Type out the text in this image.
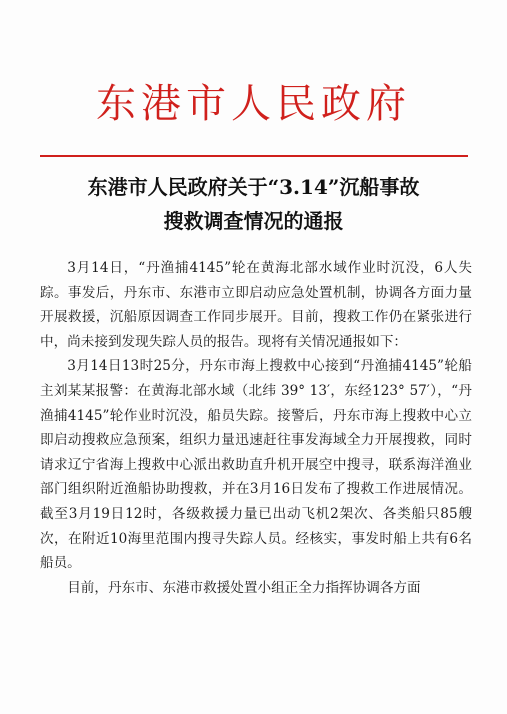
东港市人民政府
东港市人民政府关于“3.14”沉船事故
搜救调查情况的通报

3月14日，“丹渔捕4145”轮在黄海北部水域作业时沉没，6人失踪。事发后，丹东市、东港市立即启动应急处置机制，协调各方面力量开展救援，沉船原因调查工作同步展开。目前，搜救工作仍在紧张进行中，尚未接到发现失踪人员的报告。现将有关情况通报如下：

3月14日13时25分，丹东市海上搜救中心接到“丹渔捕4145”轮船主刘某某报警：在黄海北部水域（北纬 39° 13′，东经123° 57′），“丹渔捕4145”轮作业时沉没，船员失踪。接警后，丹东市海上搜救中心立即启动搜救应急预案，组织力量迅速赶往事发海域全力开展搜救，同时请求辽宁省海上搜救中心派出救助直升机开展空中搜寻，联系海洋渔业部门组织附近渔船协助搜救，并在3月16日发布了搜救工作进展情况。截至3月19日12时，各级救援力量已出动飞机2架次、各类船只85艘次，在附近10海里范围内搜寻失踪人员。经核实，事发时船上共有6名船员。

目前，丹东市、东港市救援处置小组正全力指挥协调各方面
